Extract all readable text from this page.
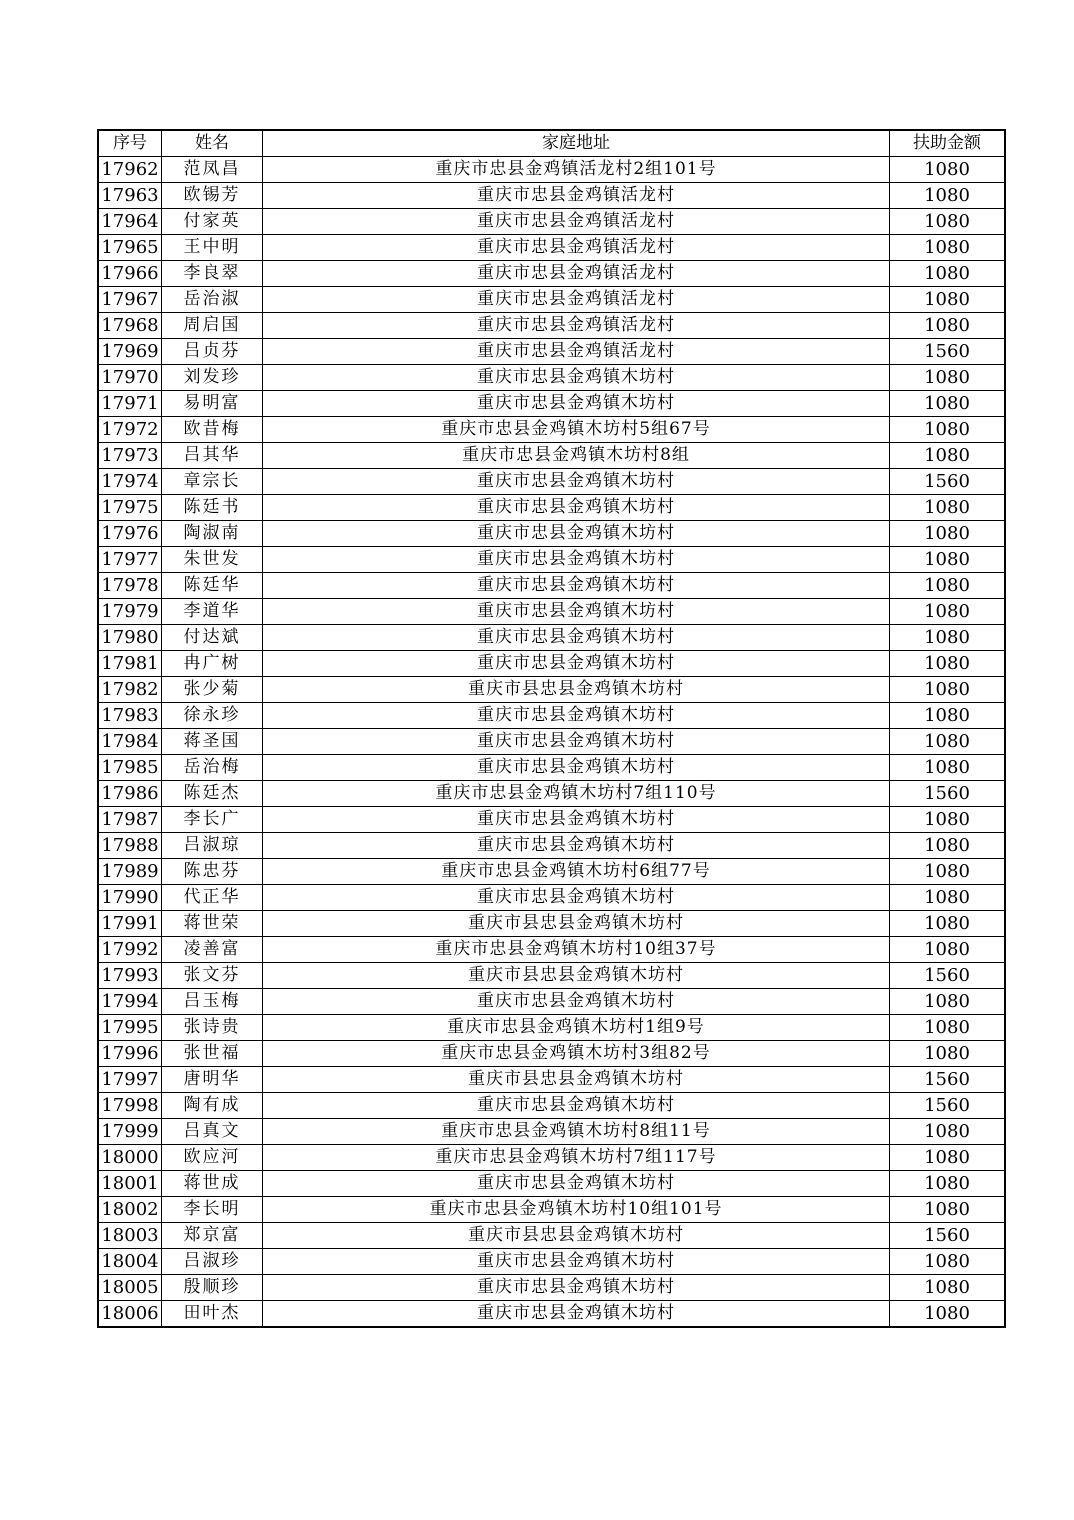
序号	姓名	家庭地址	扶助金额
17962	范凤昌	重庆市忠县金鸡镇活龙村2组101号	1080
17963	欧锡芳	重庆市忠县金鸡镇活龙村	1080
17964	付家英	重庆市忠县金鸡镇活龙村	1080
17965	王中明	重庆市忠县金鸡镇活龙村	1080
17966	李良翠	重庆市忠县金鸡镇活龙村	1080
17967	岳治淑	重庆市忠县金鸡镇活龙村	1080
17968	周启国	重庆市忠县金鸡镇活龙村	1080
17969	吕贞芬	重庆市忠县金鸡镇活龙村	1560
17970	刘发珍	重庆市忠县金鸡镇木坊村	1080
17971	易明富	重庆市忠县金鸡镇木坊村	1080
17972	欧昔梅	重庆市忠县金鸡镇木坊村5组67号	1080
17973	吕其华	重庆市忠县金鸡镇木坊村8组	1080
17974	章宗长	重庆市忠县金鸡镇木坊村	1560
17975	陈廷书	重庆市忠县金鸡镇木坊村	1080
17976	陶淑南	重庆市忠县金鸡镇木坊村	1080
17977	朱世发	重庆市忠县金鸡镇木坊村	1080
17978	陈廷华	重庆市忠县金鸡镇木坊村	1080
17979	李道华	重庆市忠县金鸡镇木坊村	1080
17980	付达斌	重庆市忠县金鸡镇木坊村	1080
17981	冉广树	重庆市忠县金鸡镇木坊村	1080
17982	张少菊	重庆市县忠县金鸡镇木坊村	1080
17983	徐永珍	重庆市忠县金鸡镇木坊村	1080
17984	蒋圣国	重庆市忠县金鸡镇木坊村	1080
17985	岳治梅	重庆市忠县金鸡镇木坊村	1080
17986	陈廷杰	重庆市忠县金鸡镇木坊村7组110号	1560
17987	李长广	重庆市忠县金鸡镇木坊村	1080
17988	吕淑琼	重庆市忠县金鸡镇木坊村	1080
17989	陈忠芬	重庆市忠县金鸡镇木坊村6组77号	1080
17990	代正华	重庆市忠县金鸡镇木坊村	1080
17991	蒋世荣	重庆市县忠县金鸡镇木坊村	1080
17992	凌善富	重庆市忠县金鸡镇木坊村10组37号	1080
17993	张文芬	重庆市县忠县金鸡镇木坊村	1560
17994	吕玉梅	重庆市忠县金鸡镇木坊村	1080
17995	张诗贵	重庆市忠县金鸡镇木坊村1组9号	1080
17996	张世福	重庆市忠县金鸡镇木坊村3组82号	1080
17997	唐明华	重庆市县忠县金鸡镇木坊村	1560
17998	陶有成	重庆市忠县金鸡镇木坊村	1560
17999	吕真文	重庆市忠县金鸡镇木坊村8组11号	1080
18000	欧应河	重庆市忠县金鸡镇木坊村7组117号	1080
18001	蒋世成	重庆市忠县金鸡镇木坊村	1080
18002	李长明	重庆市忠县金鸡镇木坊村10组101号	1080
18003	郑京富	重庆市县忠县金鸡镇木坊村	1560
18004	吕淑珍	重庆市忠县金鸡镇木坊村	1080
18005	殷顺珍	重庆市忠县金鸡镇木坊村	1080
18006	田叶杰	重庆市忠县金鸡镇木坊村	1080
